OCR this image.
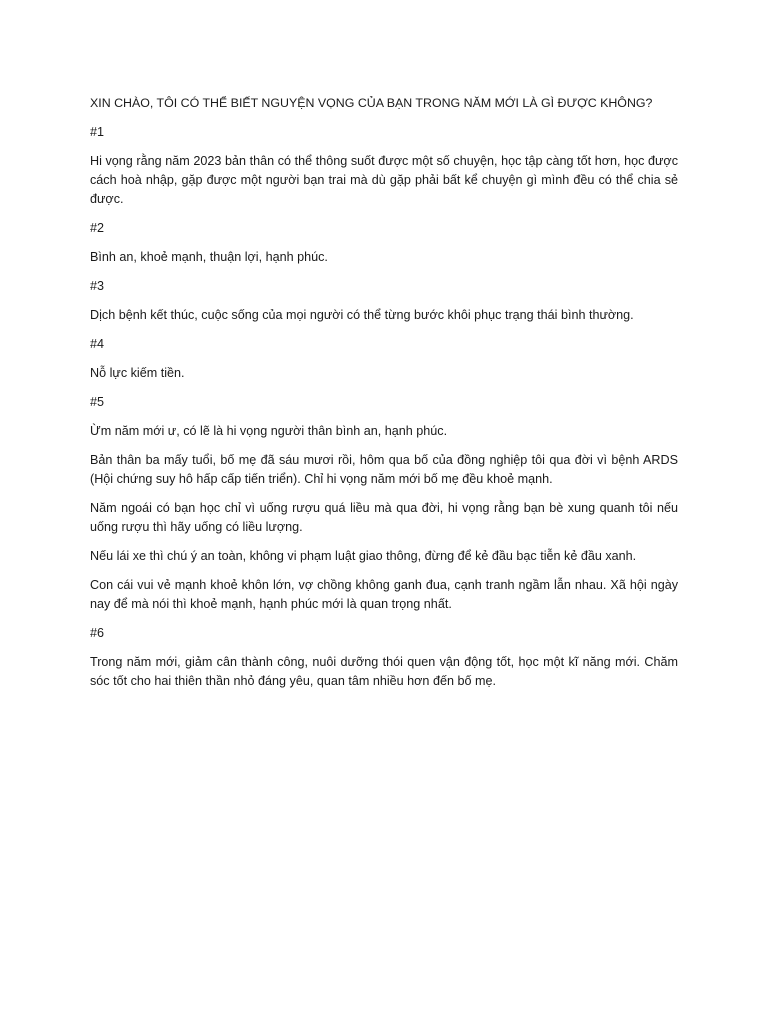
XIN CHÀO, TÔI CÓ THỂ BIẾT NGUYỆN VỌNG CỦA BẠN TRONG NĂM MỚI LÀ GÌ ĐƯỢC KHÔNG?

#1

Hi vọng rằng năm 2023 bản thân có thể thông suốt được một số chuyện, học tập càng tốt hơn, học được cách hoà nhập, gặp được một người bạn trai mà dù gặp phải bất kể chuyện gì mình đều có thể chia sẻ được.

#2

Bình an, khoẻ mạnh, thuận lợi, hạnh phúc.

#3

Dịch bệnh kết thúc, cuộc sống của mọi người có thể từng bước khôi phục trạng thái bình thường.

#4

Nỗ lực kiếm tiền.

#5

Ừm năm mới ư, có lẽ là hi vọng người thân bình an, hạnh phúc.

Bản thân ba mấy tuổi, bố mẹ đã sáu mươi rồi, hôm qua bố của đồng nghiệp tôi qua đời vì bệnh ARDS (Hội chứng suy hô hấp cấp tiến triển). Chỉ hi vọng năm mới bố mẹ đều khoẻ mạnh.

Năm ngoái có bạn học chỉ vì uống rượu quá liều mà qua đời, hi vọng rằng bạn bè xung quanh tôi nếu uống rượu thì hãy uống có liều lượng.

Nếu lái xe thì chú ý an toàn, không vi phạm luật giao thông, đừng để kẻ đầu bạc tiễn kẻ đầu xanh.

Con cái vui vẻ mạnh khoẻ khôn lớn, vợ chồng không ganh đua, cạnh tranh ngầm lẫn nhau. Xã hội ngày nay để mà nói thì khoẻ mạnh, hạnh phúc mới là quan trọng nhất.

#6

Trong năm mới, giảm cân thành công, nuôi dưỡng thói quen vận động tốt, học một kĩ năng mới. Chăm sóc tốt cho hai thiên thần nhỏ đáng yêu, quan tâm nhiều hơn đến bố mẹ.
